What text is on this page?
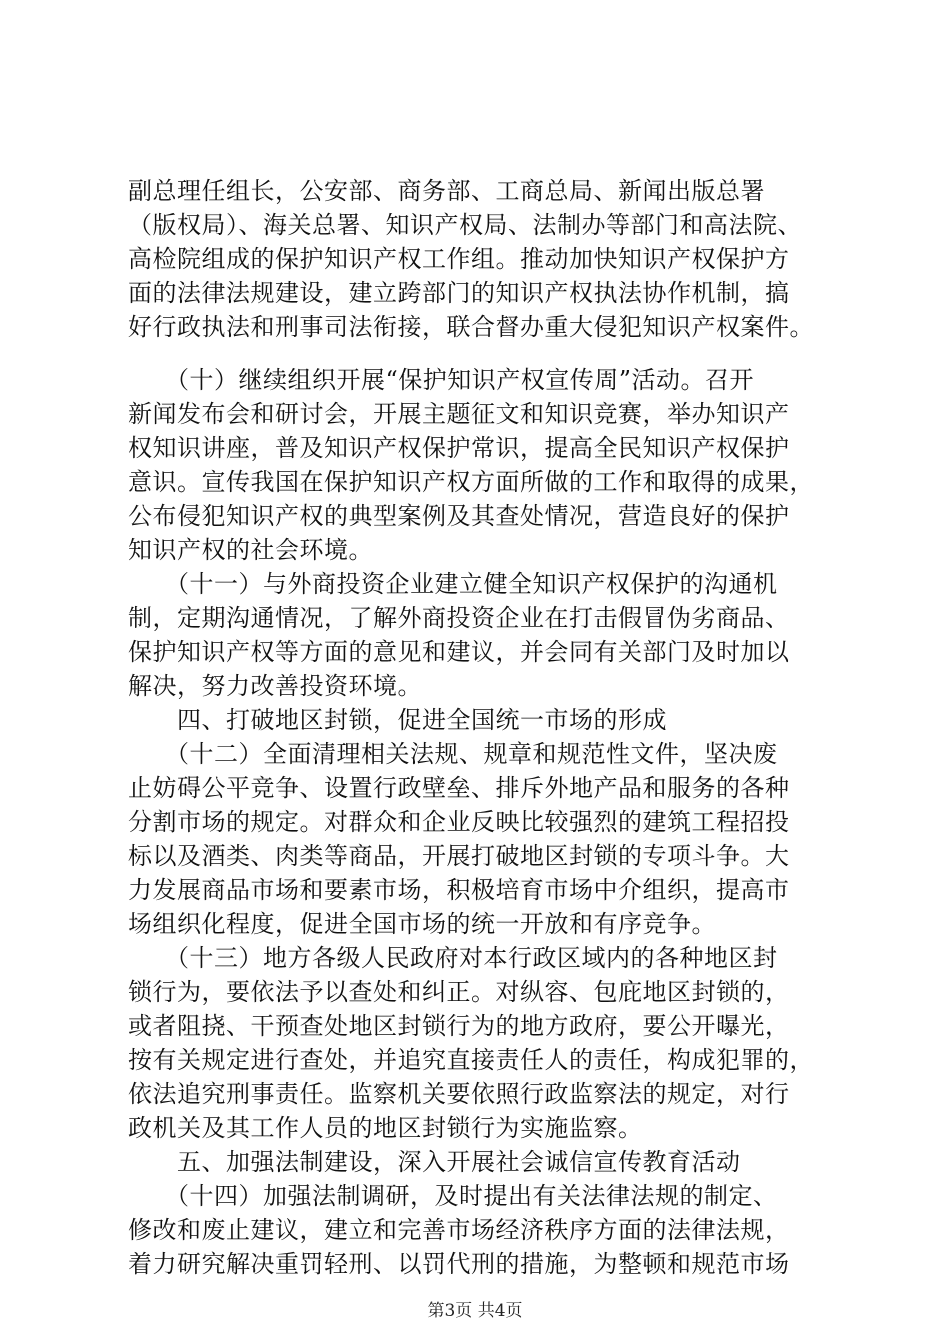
副总理任组长，公安部、商务部、工商总局、新闻出版总署
（版权局）、海关总署、知识产权局、法制办等部门和高法院、
高检院组成的保护知识产权工作组。推动加快知识产权保护方
面的法律法规建设，建立跨部门的知识产权执法协作机制，搞
好行政执法和刑事司法衔接，联合督办重大侵犯知识产权案件。
　　（十）继续组织开展“保护知识产权宣传周”活动。召开
新闻发布会和研讨会，开展主题征文和知识竞赛，举办知识产
权知识讲座，普及知识产权保护常识，提高全民知识产权保护
意识。宣传我国在保护知识产权方面所做的工作和取得的成果，
公布侵犯知识产权的典型案例及其查处情况，营造良好的保护
知识产权的社会环境。
　　（十一）与外商投资企业建立健全知识产权保护的沟通机
制，定期沟通情况，了解外商投资企业在打击假冒伪劣商品、
保护知识产权等方面的意见和建议，并会同有关部门及时加以
解决，努力改善投资环境。
　　四、打破地区封锁，促进全国统一市场的形成
　　（十二）全面清理相关法规、规章和规范性文件，坚决废
止妨碍公平竞争、设置行政壁垒、排斥外地产品和服务的各种
分割市场的规定。对群众和企业反映比较强烈的建筑工程招投
标以及酒类、肉类等商品，开展打破地区封锁的专项斗争。大
力发展商品市场和要素市场，积极培育市场中介组织，提高市
场组织化程度，促进全国市场的统一开放和有序竞争。
　　（十三）地方各级人民政府对本行政区域内的各种地区封
锁行为，要依法予以查处和纠正。对纵容、包庇地区封锁的，
或者阻挠、干预查处地区封锁行为的地方政府，要公开曝光，
按有关规定进行查处，并追究直接责任人的责任，构成犯罪的，
依法追究刑事责任。监察机关要依照行政监察法的规定，对行
政机关及其工作人员的地区封锁行为实施监察。
　　五、加强法制建设，深入开展社会诚信宣传教育活动
　　（十四）加强法制调研，及时提出有关法律法规的制定、
修改和废止建议，建立和完善市场经济秩序方面的法律法规，
着力研究解决重罚轻刑、以罚代刑的措施，为整顿和规范市场
第3页 共4页
